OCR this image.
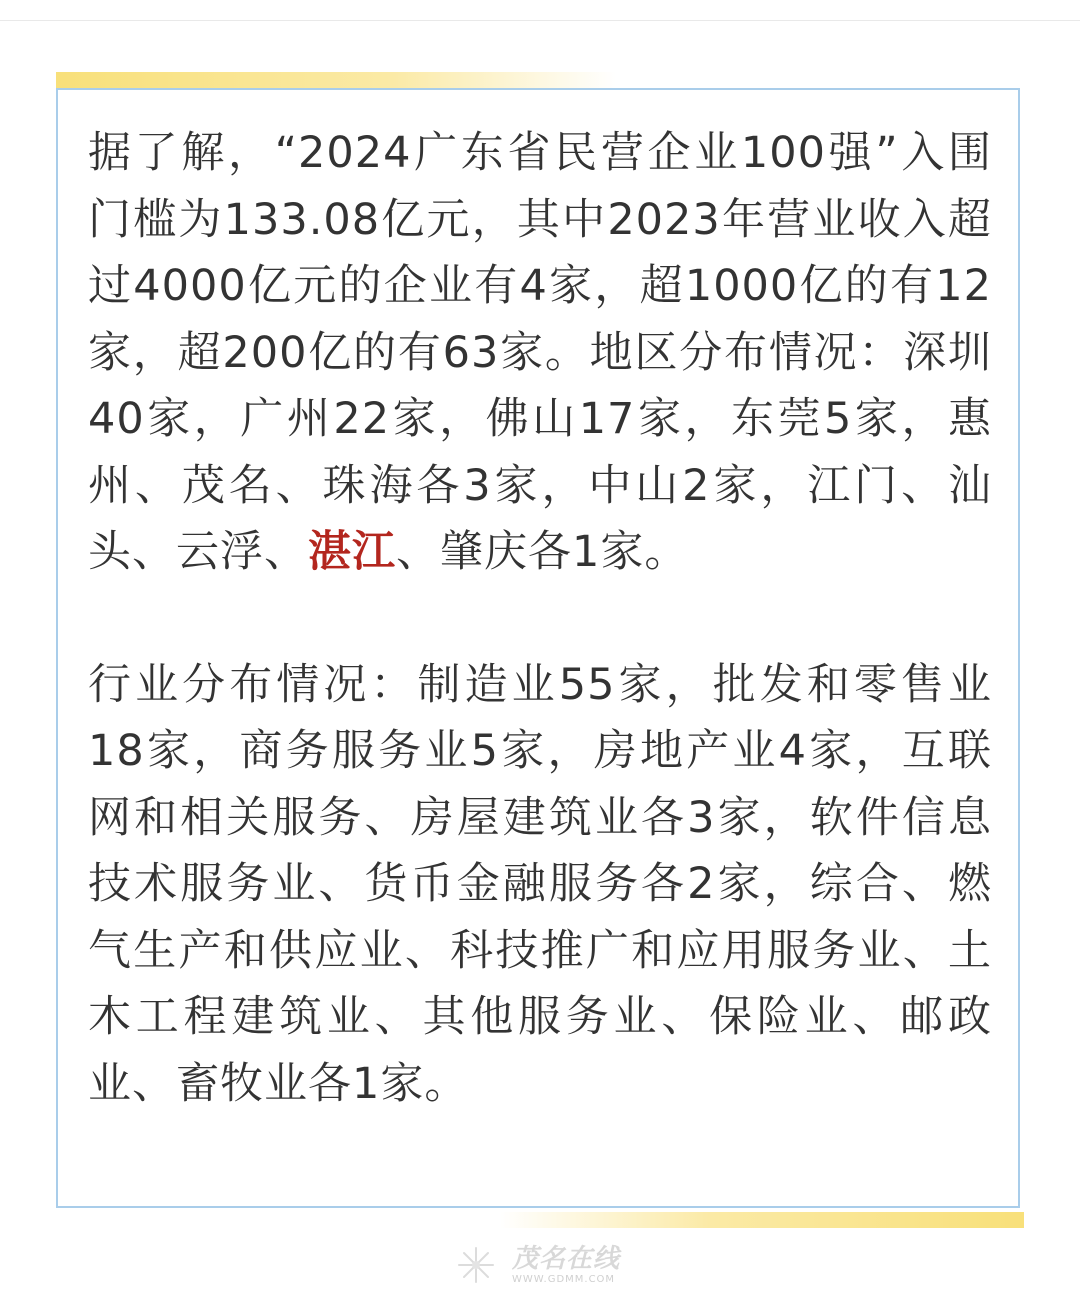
据了解，“2024广东省民营企业100强”入围门槛为133.08亿元，其中2023年营业收入超过4000亿元的企业有4家，超1000亿的有12家，超200亿的有63家。地区分布情况：深圳40家，广州22家，佛山17家，东莞5家，惠州、茂名、珠海各3家，中山2家，江门、汕头、云浮、湛江、肇庆各1家。

行业分布情况：制造业55家，批发和零售业18家，商务服务业5家，房地产业4家，互联网和相关服务、房屋建筑业各3家，软件信息技术服务业、货币金融服务各2家，综合、燃气生产和供应业、科技推广和应用服务业、土木工程建筑业、其他服务业、保险业、邮政业、畜牧业各1家。

茂名在线
WWW.GDMM.COM
